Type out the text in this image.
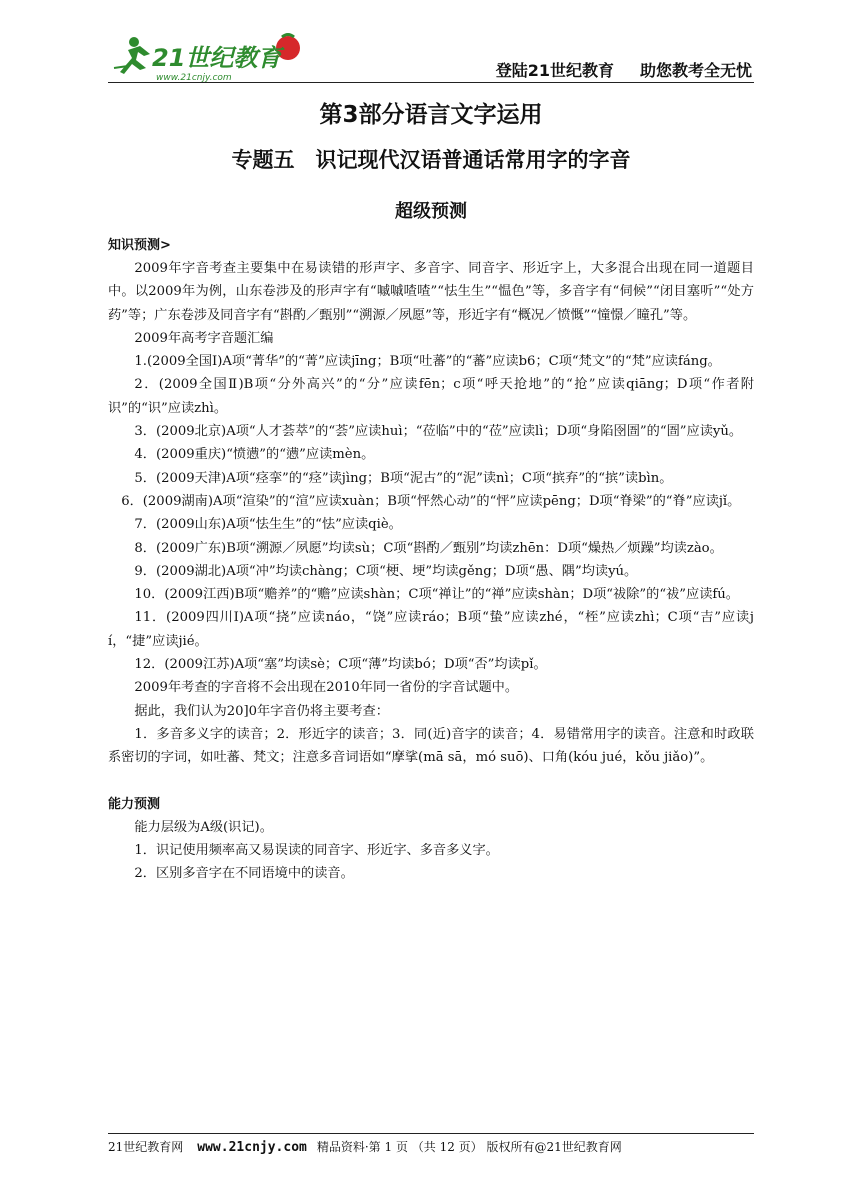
21世纪教育
www.21cnjy.com	登陆21世纪教育 助您教考全无忧
第3部分语言文字运用
专题五　识记现代汉语普通话常用字的字音
超级预测

知识预测>

2009年字音考查主要集中在易读错的形声字、多音字、同音字、形近字上，大多混合出现在同一道题目中。以2009年为例，山东卷涉及的形声字有“嘁嘁喳喳”“怯生生”“愠色”等，多音字有“伺候”“闭目塞听”“处方药”等；广东卷涉及同音字有“斟酌／甄别”“溯源／夙愿”等，形近字有“概况／愤慨”“憧憬／瞳孔”等。

2009年高考字音题汇编

1.(2009全国I)A项“菁华”的“菁”应读jīng；B项“吐蕃”的“蕃”应读b6；C项“梵文”的“梵”应读fáng。

2．(2009全国Ⅱ)B项“分外高兴”的“分”应读fēn；c项“呼天抢地”的“抢”应读qiāng；D项“作者附识”的“识”应读zhì。

3．(2009北京)A项“人才荟萃”的“荟”应读huì；“莅临”中的“莅”应读lì；D项“身陷囹圄”的“圄”应读yǔ。

4．(2009重庆)“愤懑”的“懑”应读mèn。

5．(2009天津)A项“痉挛”的“痉”读jìng；B项“泥古”的“泥”读nì；C项“摈弃”的“摈”读bìn。

6．(2009湖南)A项“渲染”的“渲”应读xuàn；B项“怦然心动”的“怦”应读pēng；D项“脊梁”的“脊”应读jǐ。

7．(2009山东)A项“怯生生”的“怯”应读qiè。

8．(2009广东)B项“溯源／夙愿”均读sù；C项“斟酌／甄别”均读zhēn：D项“燥热／烦躁”均读zào。

9．(2009湖北)A项“冲”均读chàng；C项“梗、埂”均读gěng；D项“愚、隅”均读yú。

10．(2009江西)B项“赡养”的“赡”应读shàn；C项“禅让”的“禅”应读shàn；D项“祓除”的“祓”应读fú。

11．(2009四川I)A项“挠”应读náo，“饶”应读ráo；B项“蛰”应读zhé，“桎”应读zhì；C项“吉”应读jí，“捷”应读jié。

12．(2009江苏)A项“塞”均读sè；C项“薄”均读bó；D项“否”均读pǐ。

2009年考查的字音将不会出现在2010年同一省份的字音试题中。

据此，我们认为20]0年字音仍将主要考查：

1．多音多义字的读音；2．形近字的读音；3．同(近)音字的读音；4．易错常用字的读音。注意和时政联系密切的字词，如吐蕃、梵文；注意多音词语如“摩挲(mā sā，mó suō)、口角(kóu jué，kǒu jiǎo)”。

能力预测

能力层级为A级(识记)。

1．识记使用频率高又易误读的同音字、形近字、多音多义字。

2．区别多音字在不同语境中的读音。

21世纪教育网 www.21cnjy.com 精品资料·第 1 页 （共 12 页） 版权所有@21世纪教育网
